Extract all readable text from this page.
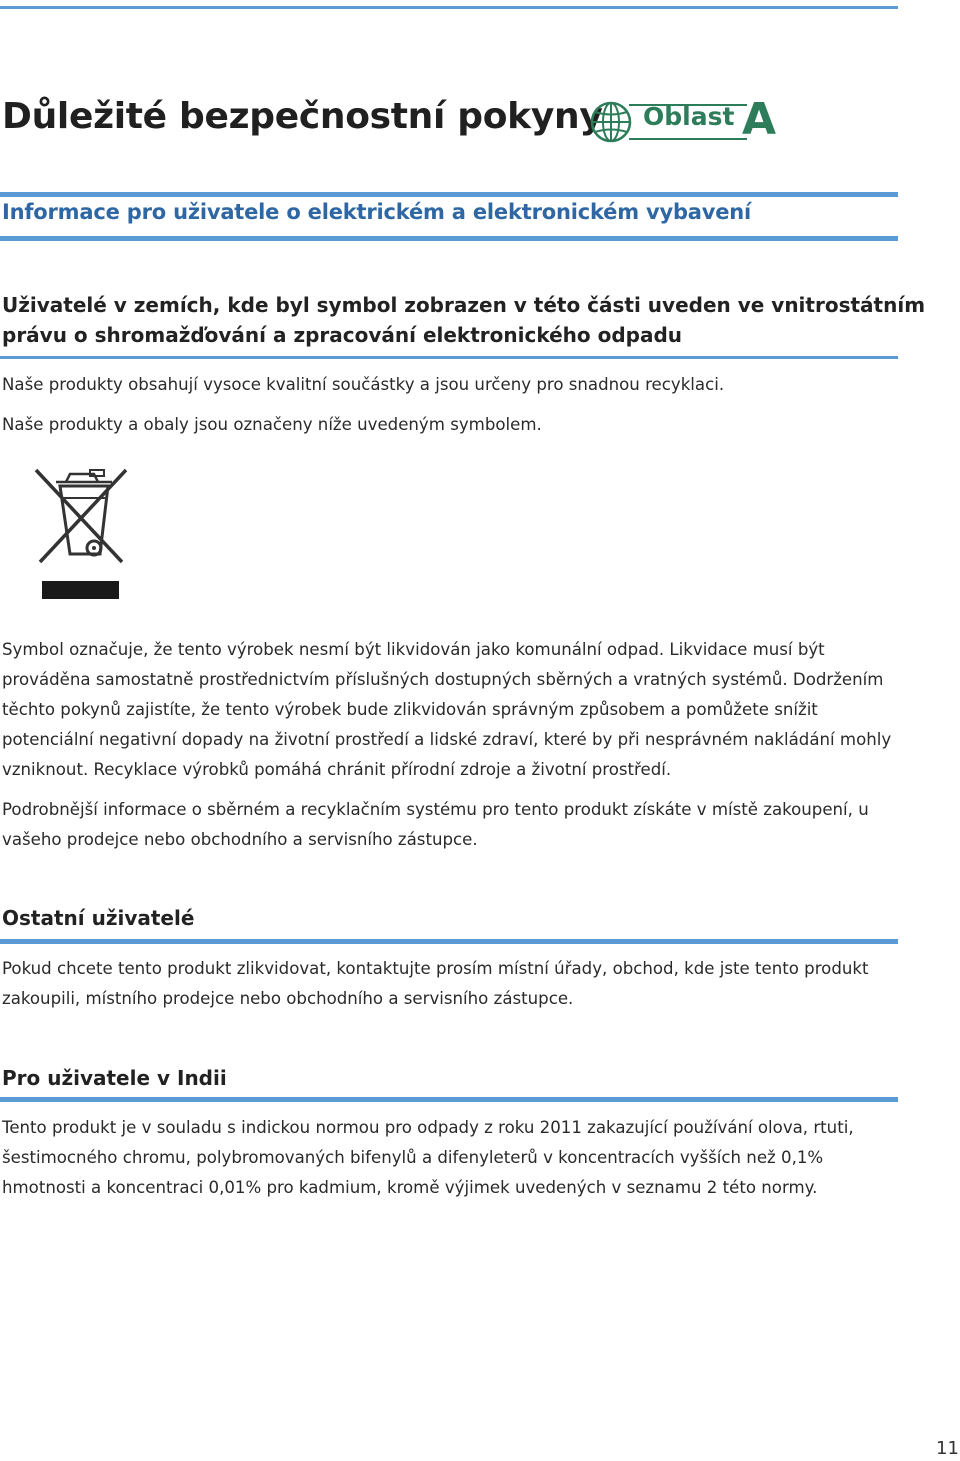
Důležité bezpečnostní pokyny Oblast A
Informace pro uživatele o elektrickém a elektronickém vybavení
Uživatelé v zemích, kde byl symbol zobrazen v této části uveden ve vnitrostátním
právu o shromažďování a zpracování elektronického odpadu

Naše produkty obsahují vysoce kvalitní součástky a jsou určeny pro snadnou recyklaci.

Naše produkty a obaly jsou označeny níže uvedeným symbolem.

Symbol označuje, že tento výrobek nesmí být likvidován jako komunální odpad. Likvidace musí být prováděna samostatně prostřednictvím příslušných dostupných sběrných a vratných systémů. Dodržením těchto pokynů zajistíte, že tento výrobek bude zlikvidován správným způsobem a pomůžete snížit potenciální negativní dopady na životní prostředí a lidské zdraví, které by při nesprávném nakládání mohly vzniknout. Recyklace výrobků pomáhá chránit přírodní zdroje a životní prostředí.

Podrobnější informace o sběrném a recyklačním systému pro tento produkt získáte v místě zakoupení, u vašeho prodejce nebo obchodního a servisního zástupce.

Ostatní uživatelé

Pokud chcete tento produkt zlikvidovat, kontaktujte prosím místní úřady, obchod, kde jste tento produkt zakoupili, místního prodejce nebo obchodního a servisního zástupce.

Pro uživatele v Indii

Tento produkt je v souladu s indickou normou pro odpady z roku 2011 zakazující používání olova, rtuti, šestimocného chromu, polybromovaných bifenylů a difenyleterů v koncentracích vyšších než 0,1% hmotnosti a koncentraci 0,01% pro kadmium, kromě výjimek uvedených v seznamu 2 této normy.

11
